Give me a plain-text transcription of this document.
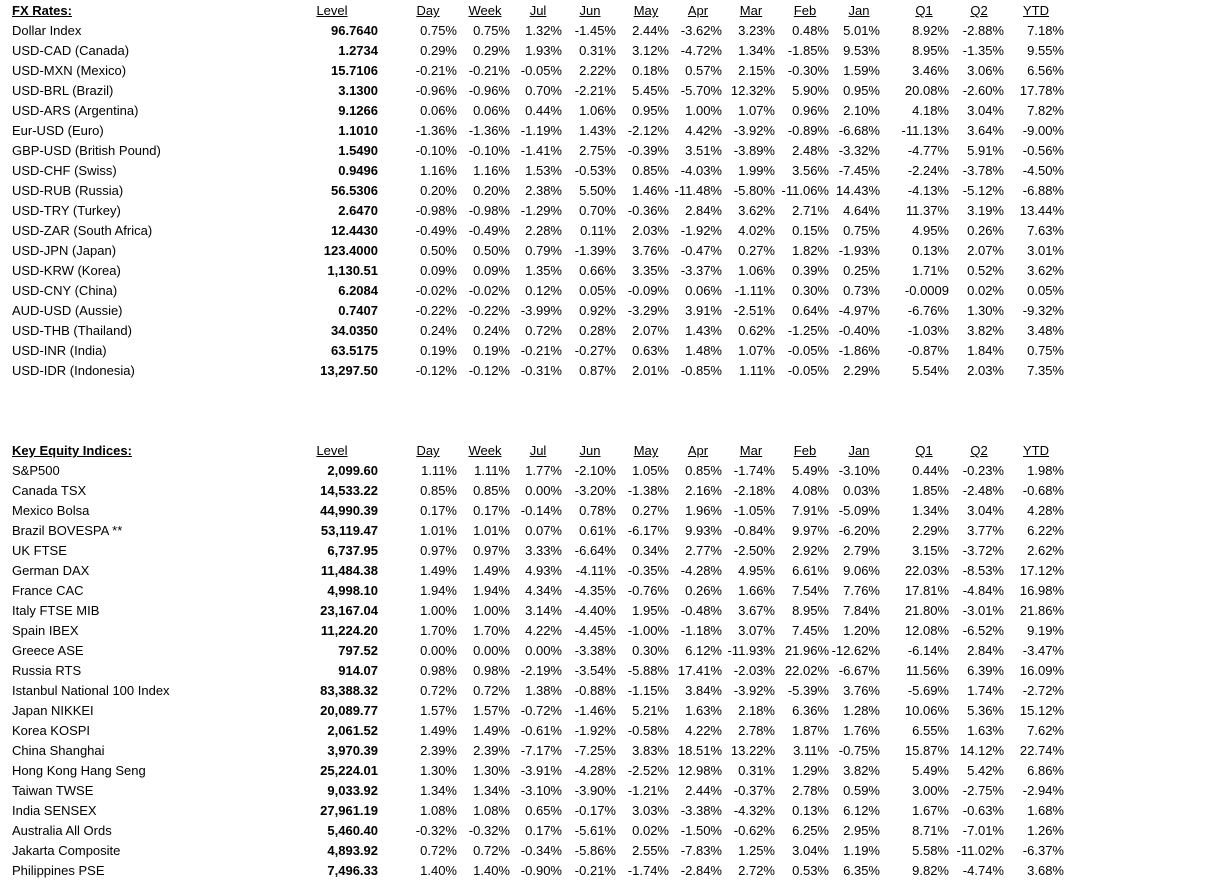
FX Rates:	Level	Day	Week	Jul	Jun	May	Apr	Mar	Feb	Jan	Q1	Q2	YTD
Dollar Index	96.7640	0.75%	0.75%	1.32% -1.45%	2.44% -3.62%	3.23%	0.48%	5.01%	8.92%	-2.88%	7.18%
USD-CAD (Canada)	1.2734	0.29%	0.29%	1.93%	0.31%	3.12% -4.72%	1.34% -1.85%	9.53%	8.95%	-1.35%	9.55%
USD-MXN (Mexico)	15.7106	-0.21% -0.21% -0.05%	2.22%	0.18%	0.57%	2.15% -0.30%	1.59%	3.46%	3.06%	6.56%
USD-BRL (Brazil)	3.1300	-0.96% -0.96%	0.70% -2.21%	5.45% -5.70% 12.32%	5.90%	0.95%	20.08%	-2.60%	17.78%
USD-ARS (Argentina)	9.1266	0.06%	0.06%	0.44%	1.06%	0.95%	1.00%	1.07%	0.96%	2.10%	4.18%	3.04%	7.82%
Eur-USD (Euro)	1.1010	-1.36% -1.36% -1.19%	1.43% -2.12%	4.42% -3.92% -0.89% -6.68%	-11.13%	3.64%	-9.00%
GBP-USD (British Pound)	1.5490	-0.10% -0.10% -1.41%	2.75% -0.39%	3.51% -3.89%	2.48% -3.32%	-4.77%	5.91%	-0.56%
USD-CHF (Swiss)	0.9496	1.16%	1.16%	1.53% -0.53%	0.85% -4.03%	1.99%	3.56% -7.45%	-2.24%	-3.78%	-4.50%
USD-RUB (Russia)	56.5306	0.20%	0.20%	2.38%	5.50%	1.46% -11.48% -5.80% -11.06% 14.43%	-4.13%	-5.12%	-6.88%
USD-TRY (Turkey)	2.6470	-0.98% -0.98% -1.29%	0.70% -0.36%	2.84%	3.62%	2.71%	4.64%	11.37%	3.19%	13.44%
USD-ZAR (South Africa)	12.4430	-0.49% -0.49%	2.28%	0.11%	2.03% -1.92%	4.02%	0.15%	0.75%	4.95%	0.26%	7.63%
USD-JPN (Japan)	123.4000	0.50%	0.50%	0.79% -1.39%	3.76% -0.47%	0.27%	1.82% -1.93%	0.13%	2.07%	3.01%
USD-KRW (Korea)	1,130.51	0.09%	0.09%	1.35%	0.66%	3.35% -3.37%	1.06%	0.39%	0.25%	1.71%	0.52%	3.62%
USD-CNY (China)	6.2084	-0.02% -0.02%	0.12%	0.05% -0.09%	0.06% -1.11%	0.30%	0.73%	-0.0009	0.02%	0.05%
AUD-USD (Aussie)	0.7407	-0.22% -0.22% -3.99%	0.92% -3.29%	3.91% -2.51%	0.64% -4.97%	-6.76%	1.30%	-9.32%
USD-THB (Thailand)	34.0350	0.24%	0.24%	0.72%	0.28%	2.07%	1.43%	0.62% -1.25% -0.40%	-1.03%	3.82%	3.48%
USD-INR (India)	63.5175	0.19%	0.19% -0.21% -0.27%	0.63%	1.48%	1.07% -0.05% -1.86%	-0.87%	1.84%	0.75%
USD-IDR (Indonesia)	13,297.50	-0.12% -0.12% -0.31%	0.87%	2.01% -0.85%	1.11% -0.05%	2.29%	5.54%	2.03%	7.35%
Key Equity Indices:	Level	Day	Week	Jul	Jun	May	Apr	Mar	Feb	Jan	Q1	Q2	YTD
S&P500	2,099.60	1.11%	1.11%	1.77% -2.10%	1.05%	0.85% -1.74%	5.49% -3.10%	0.44%	-0.23%	1.98%
Canada TSX	14,533.22	0.85%	0.85%	0.00% -3.20% -1.38%	2.16% -2.18%	4.08%	0.03%	1.85%	-2.48%	-0.68%
Mexico Bolsa	44,990.39	0.17%	0.17% -0.14%	0.78%	0.27%	1.96% -1.05%	7.91% -5.09%	1.34%	3.04%	4.28%
Brazil BOVESPA **	53,119.47	1.01%	1.01%	0.07%	0.61% -6.17%	9.93% -0.84%	9.97% -6.20%	2.29%	3.77%	6.22%
UK FTSE	6,737.95	0.97%	0.97%	3.33% -6.64%	0.34%	2.77% -2.50%	2.92%	2.79%	3.15%	-3.72%	2.62%
German DAX	11,484.38	1.49%	1.49%	4.93%	-4.11% -0.35% -4.28%	4.95%	6.61%	9.06%	22.03%	-8.53%	17.12%
France CAC	4,998.10	1.94%	1.94%	4.34% -4.35% -0.76%	0.26%	1.66%	7.54%	7.76%	17.81%	-4.84%	16.98%
Italy FTSE MIB	23,167.04	1.00%	1.00%	3.14% -4.40%	1.95% -0.48%	3.67%	8.95%	7.84%	21.80%	-3.01%	21.86%
Spain IBEX	11,224.20	1.70%	1.70%	4.22% -4.45% -1.00% -1.18%	3.07%	7.45%	1.20%	12.08%	-6.52%	9.19%
Greece ASE	797.52	0.00%	0.00%	0.00% -3.38%	0.30%	6.12% -11.93% 21.96% -12.62%	-6.14%	2.84%	-3.47%
Russia RTS	914.07	0.98%	0.98% -2.19% -3.54% -5.88% 17.41% -2.03% 22.02% -6.67%	11.56%	6.39%	16.09%
Istanbul National 100 Index	83,388.32	0.72%	0.72%	1.38% -0.88% -1.15%	3.84% -3.92% -5.39%	3.76%	-5.69%	1.74%	-2.72%
Japan NIKKEI	20,089.77	1.57%	1.57% -0.72% -1.46%	5.21%	1.63%	2.18%	6.36%	1.28%	10.06%	5.36%	15.12%
Korea KOSPI	2,061.52	1.49%	1.49% -0.61% -1.92% -0.58%	4.22%	2.78%	1.87%	1.76%	6.55%	1.63%	7.62%
China Shanghai	3,970.39	2.39%	2.39% -7.17% -7.25%	3.83% 18.51% 13.22%	3.11% -0.75%	15.87% 14.12%	22.74%
Hong Kong Hang Seng	25,224.01	1.30%	1.30% -3.91% -4.28% -2.52% 12.98%	0.31%	1.29%	3.82%	5.49%	5.42%	6.86%
Taiwan TWSE	9,033.92	1.34%	1.34% -3.10% -3.90% -1.21%	2.44% -0.37%	2.78%	0.59%	3.00%	-2.75%	-2.94%
India SENSEX	27,961.19	1.08%	1.08%	0.65% -0.17%	3.03% -3.38% -4.32%	0.13%	6.12%	1.67%	-0.63%	1.68%
Australia All Ords	5,460.40	-0.32% -0.32%	0.17% -5.61%	0.02% -1.50% -0.62%	6.25%	2.95%	8.71%	-7.01%	1.26%
Jakarta Composite	4,893.92	0.72%	0.72% -0.34% -5.86%	2.55% -7.83%	1.25%	3.04%	1.19%	5.58% -11.02%	-6.37%
Philippines PSE	7,496.33	1.40%	1.40% -0.90% -0.21% -1.74% -2.84%	2.72%	0.53%	6.35%	9.82%	-4.74%	3.68%
